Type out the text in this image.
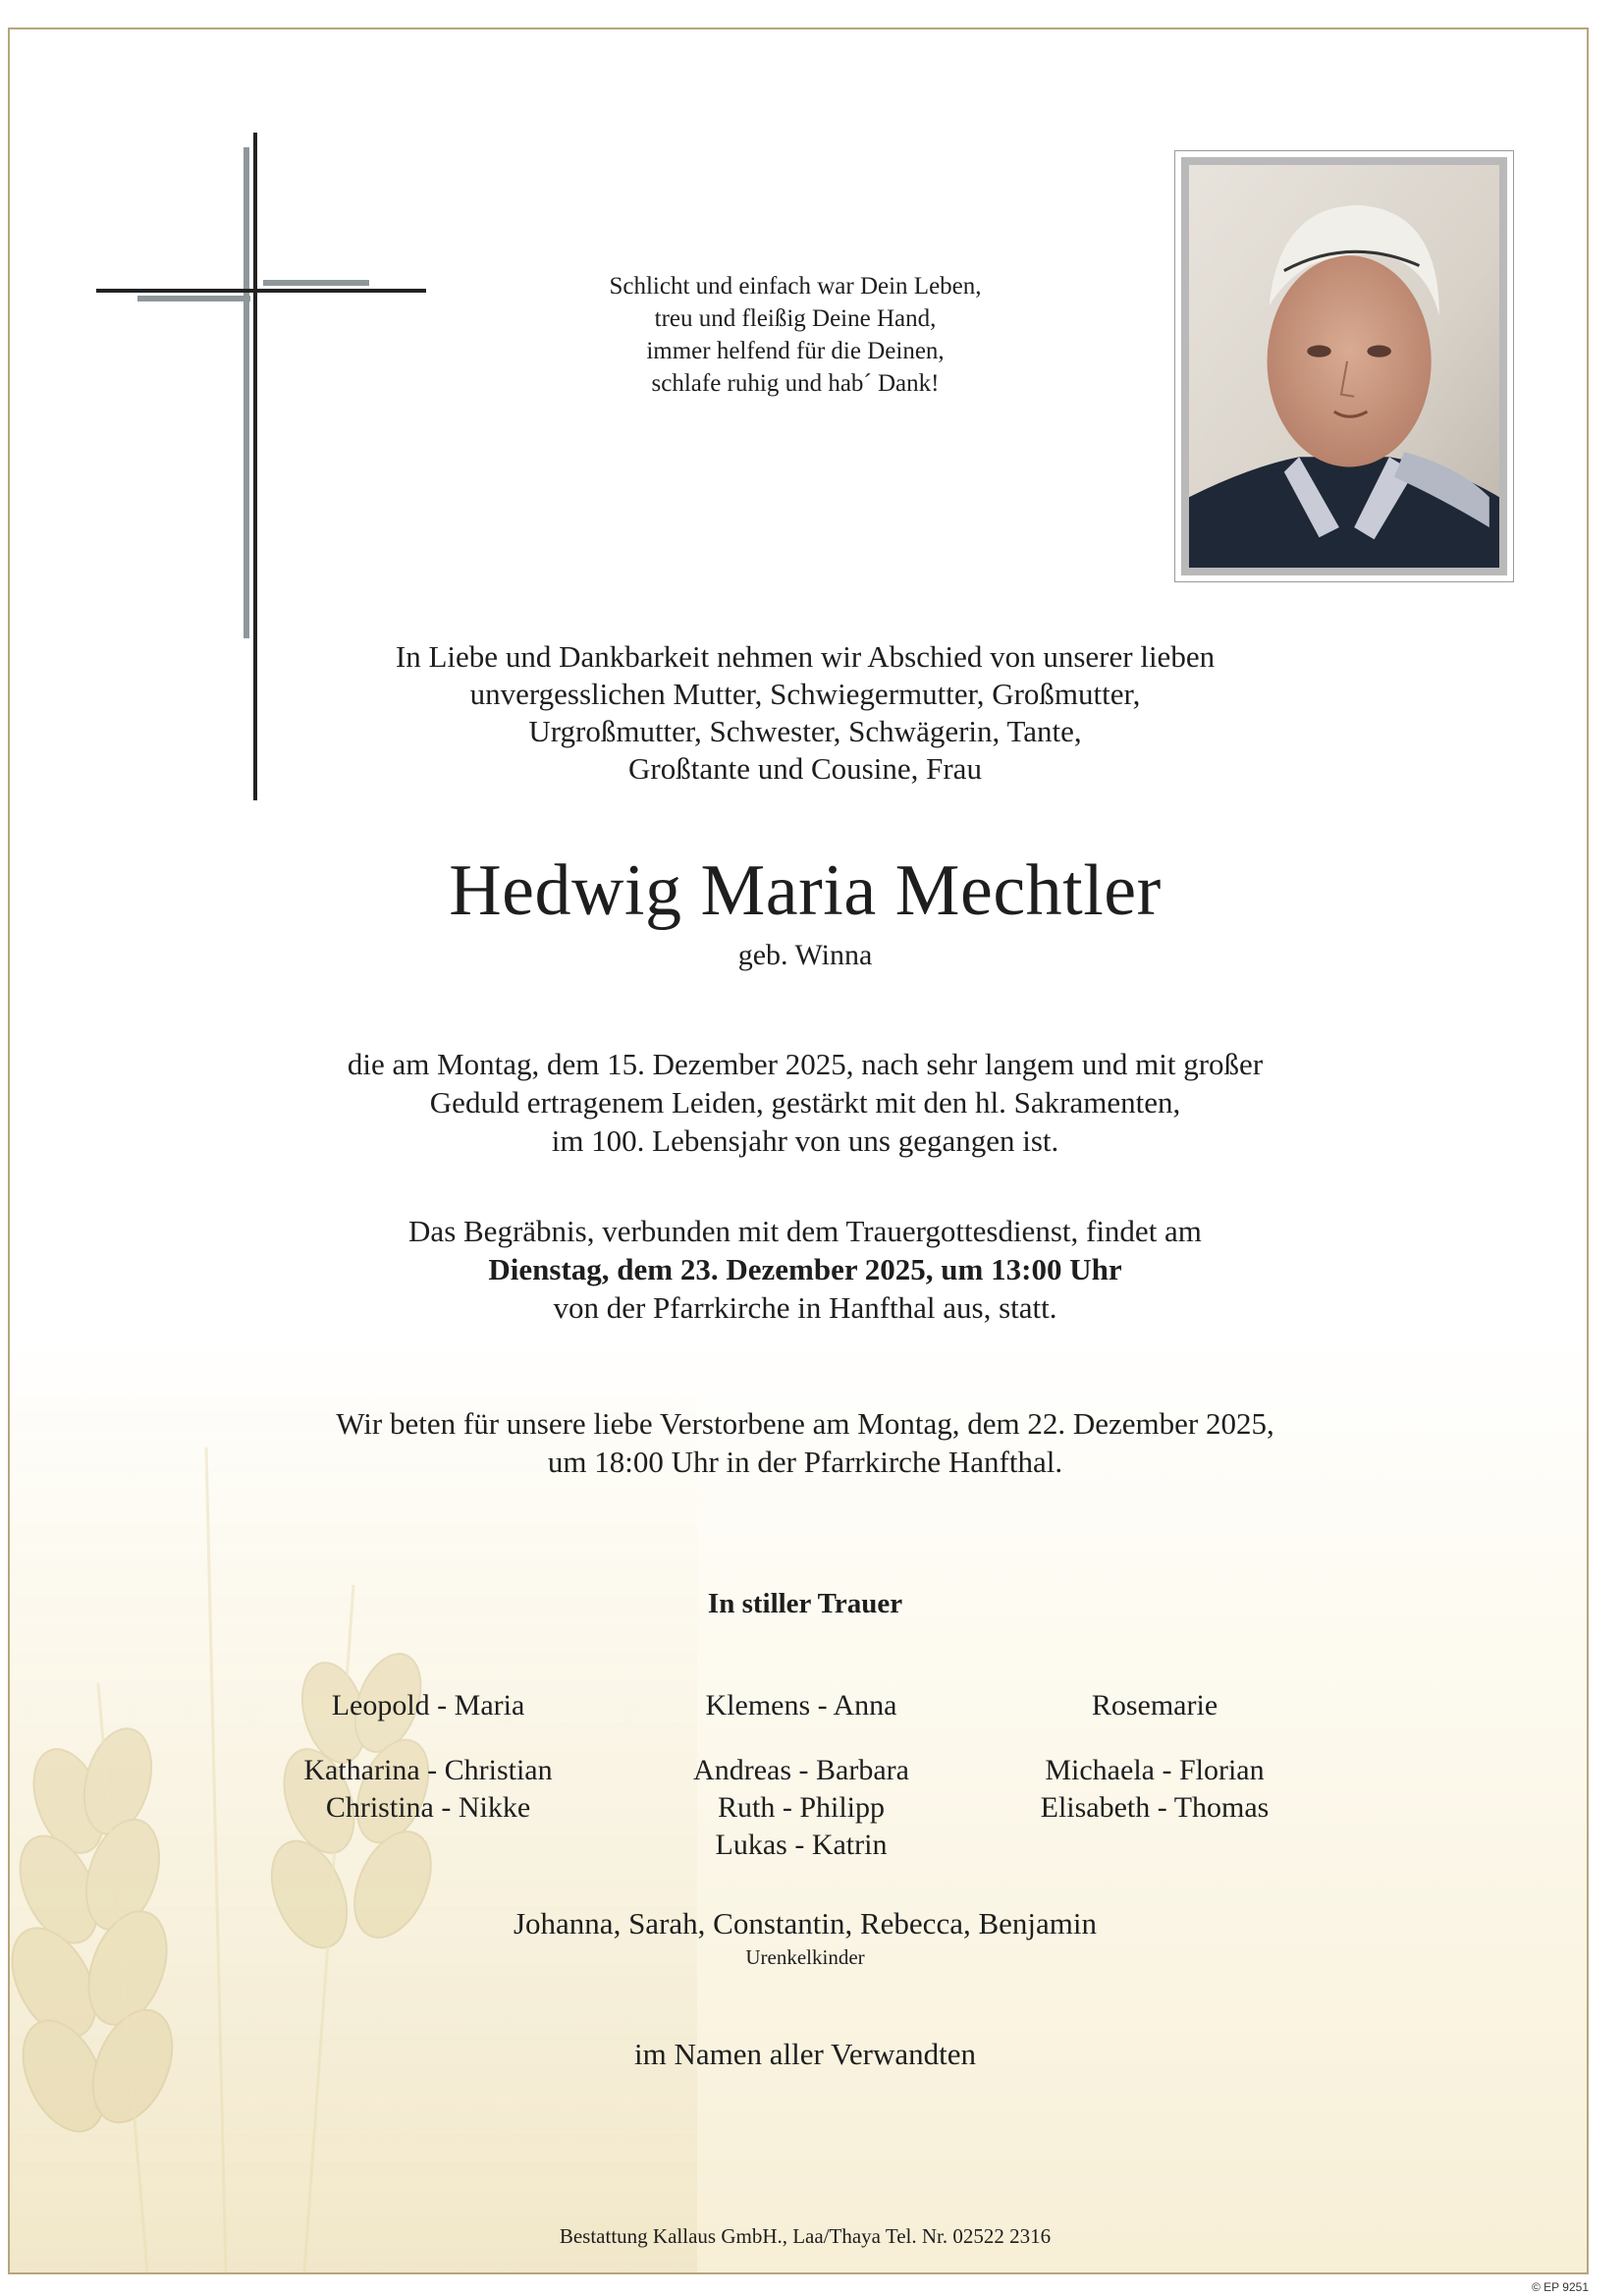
Schlicht und einfach war Dein Leben,
treu und fleißig Deine Hand,
immer helfend für die Deinen,
schlafe ruhig und hab´ Dank!
In Liebe und Dankbarkeit nehmen wir Abschied von unserer lieben
unvergesslichen Mutter, Schwiegermutter, Großmutter,
Urgroßmutter, Schwester, Schwägerin, Tante,
Großtante und Cousine, Frau
Hedwig Maria Mechtler
geb. Winna
die am Montag, dem 15. Dezember 2025, nach sehr langem und mit großer
Geduld ertragenem Leiden, gestärkt mit den hl. Sakramenten,
im 100. Lebensjahr von uns gegangen ist.
Das Begräbnis, verbunden mit dem Trauergottesdienst, findet am
Dienstag, dem 23. Dezember 2025, um 13:00 Uhr
von der Pfarrkirche in Hanfthal aus, statt.
Wir beten für unsere liebe Verstorbene am Montag, dem 22. Dezember 2025,
um 18:00 Uhr in der Pfarrkirche Hanfthal.
In stiller Trauer
Leopold - Maria
Katharina - Christian
Christina - Nikke
Klemens - Anna
Andreas - Barbara
Ruth - Philipp
Lukas - Katrin
Rosemarie
Michaela - Florian
Elisabeth - Thomas
Johanna, Sarah, Constantin, Rebecca, Benjamin
Urenkelkinder
im Namen aller Verwandten
Bestattung Kallaus GmbH., Laa/Thaya Tel. Nr. 02522 2316
© EP 9251
